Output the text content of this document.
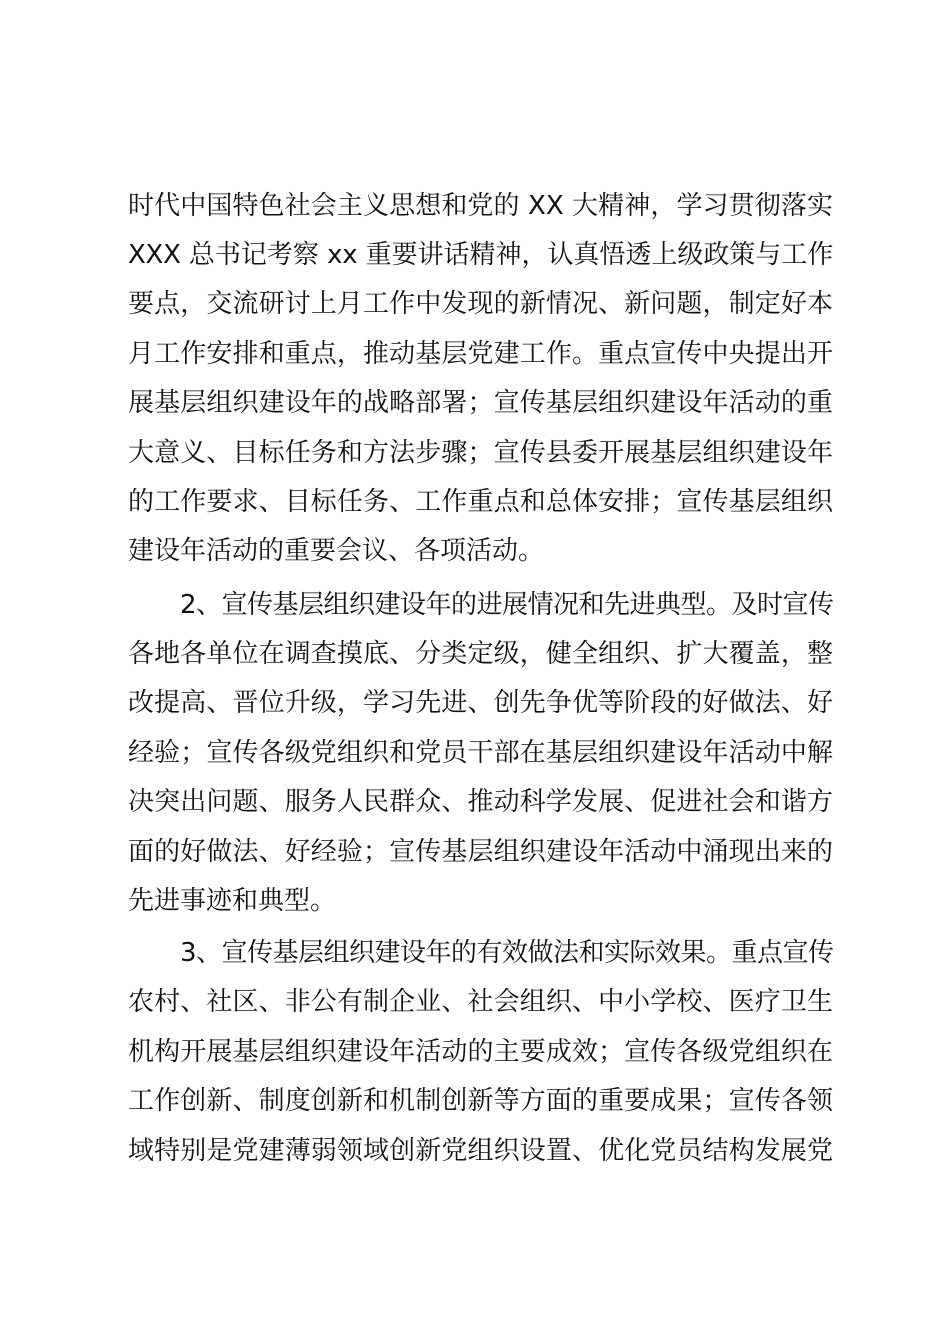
时代中国特色社会主义思想和党的 XX 大精神，学习贯彻落实

XXX 总书记考察 xx 重要讲话精神，认真悟透上级政策与工作

要点，交流研讨上月工作中发现的新情况、新问题，制定好本

月工作安排和重点，推动基层党建工作。重点宣传中央提出开

展基层组织建设年的战略部署；宣传基层组织建设年活动的重

大意义、目标任务和方法步骤；宣传县委开展基层组织建设年

的工作要求、目标任务、工作重点和总体安排；宣传基层组织

建设年活动的重要会议、各项活动。

2、宣传基层组织建设年的进展情况和先进典型。及时宣传

各地各单位在调查摸底、分类定级，健全组织、扩大覆盖，整

改提高、晋位升级，学习先进、创先争优等阶段的好做法、好

经验；宣传各级党组织和党员干部在基层组织建设年活动中解

决突出问题、服务人民群众、推动科学发展、促进社会和谐方

面的好做法、好经验；宣传基层组织建设年活动中涌现出来的

先进事迹和典型。

3、宣传基层组织建设年的有效做法和实际效果。重点宣传

农村、社区、非公有制企业、社会组织、中小学校、医疗卫生

机构开展基层组织建设年活动的主要成效；宣传各级党组织在

工作创新、制度创新和机制创新等方面的重要成果；宣传各领

域特别是党建薄弱领域创新党组织设置、优化党员结构发展党
